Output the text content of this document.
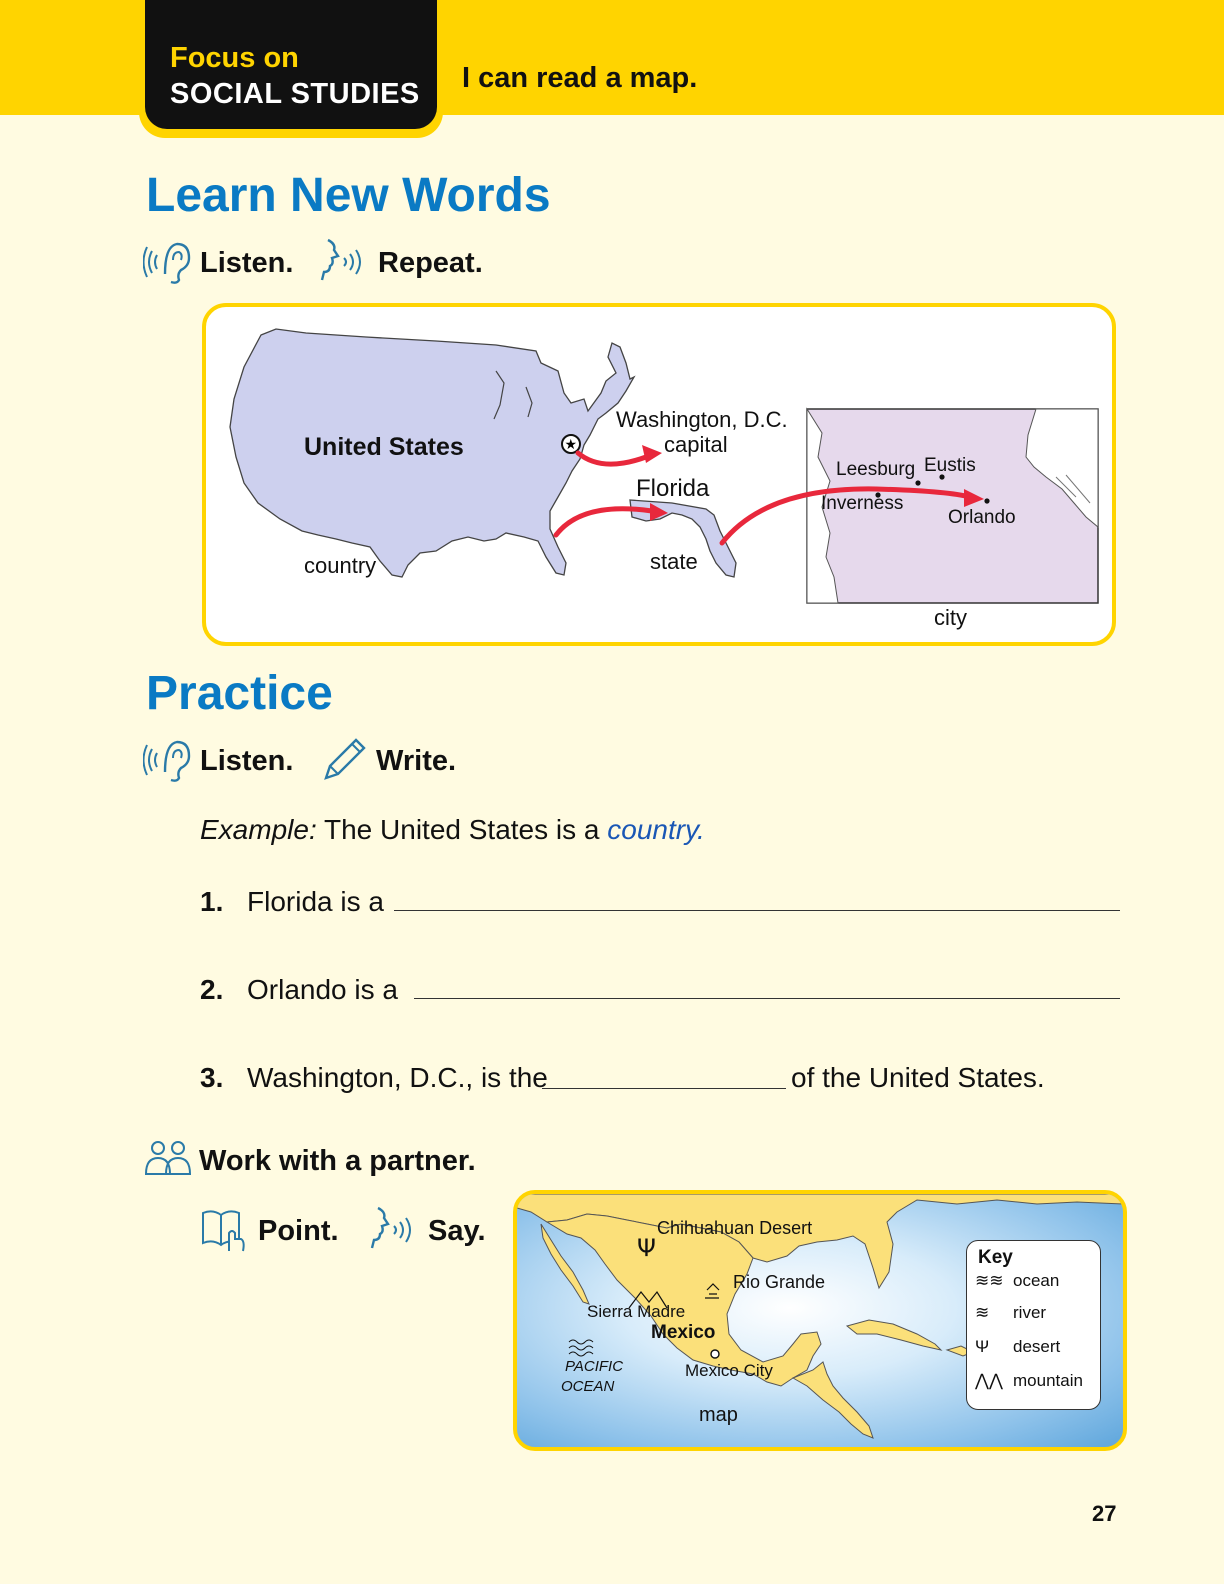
Focus on
SOCIAL STUDIES I can read a map.
Learn New Words
Listen.	Repeat.
★
United States
country
Washington, D.C.
capital
Florida
state
Leesburg Eustis
Inverness
Orlando
city
Practice
Listen.	Write.
Example: The United States is a country.
1. Florida is a
2. Orlando is a
3. Washington, D.C., is the	of the United States.
Work with a partner.
Point.	Say.
Ψ
Chihuahuan Desert
Rio Grande
Sierra Madre
Mexico
Mexico City
PACIFIC
OCEAN
map
Key
≋≋ ocean
≋ river
Ψ desert
⋀⋀ mountain
27
